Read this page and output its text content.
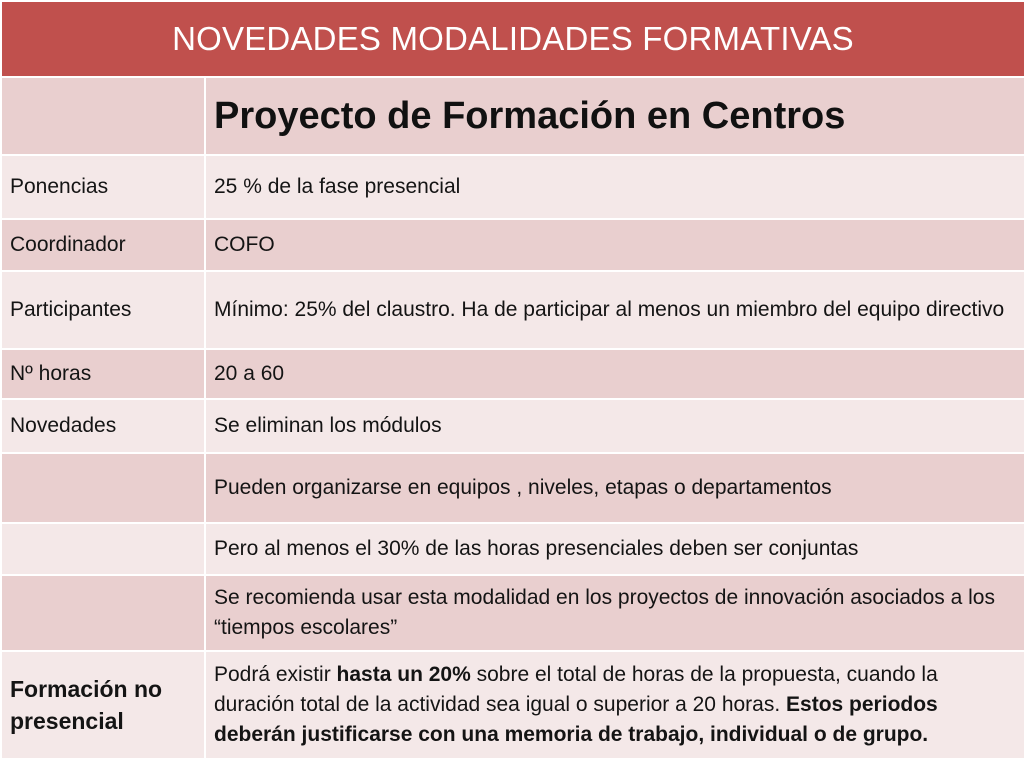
NOVEDADES MODALIDADES FORMATIVAS	
	Proyecto de Formación en Centros
Ponencias	25 % de la fase presencial
Coordinador	COFO
Participantes	Mínimo: 25% del claustro. Ha de participar al menos un miembro del equipo directivo
Nº horas	20 a 60
Novedades	Se eliminan los módulos
	Pueden organizarse en equipos , niveles, etapas o departamentos
	Pero al menos el 30% de las horas presenciales deben ser conjuntas
	Se recomienda usar esta modalidad en los proyectos de innovación asociados a los “tiempos escolares”
Formación no presencial	Podrá existir hasta un 20% sobre el total de horas de la propuesta, cuando la duración total de la actividad sea igual o superior a 20 horas. Estos periodos deberán justificarse con una memoria de trabajo, individual o de grupo.
